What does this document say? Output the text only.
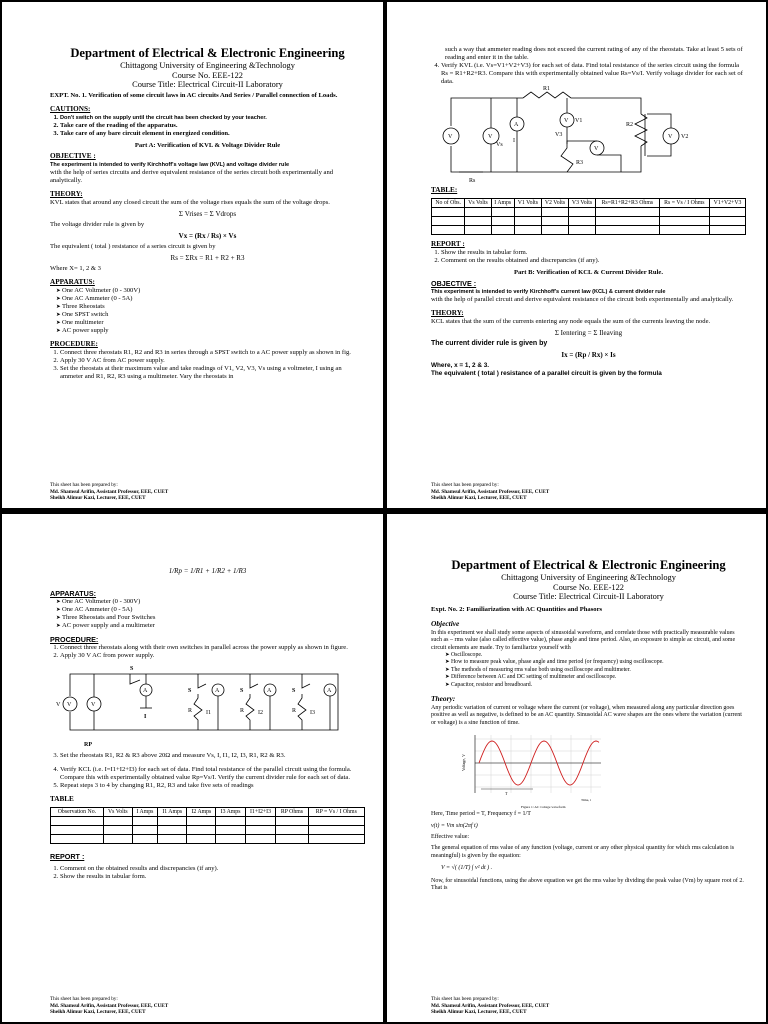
Department of Electrical & Electronic Engineering
Chittagong University of Engineering &Technology
Course No. EEE-122
Course Title: Electrical Circuit-II Laboratory
EXPT. No. 1. Verification of some circuit laws in AC circuits And Series / Parallel connection of Loads.
CAUTIONS:
1. Don't switch on the supply until the circuit has been checked by your teacher.
2. Take care of the reading of the apparatus.
3. Take care of any bare circuit element in energized condition.
Part A: Verification of KVL & Voltage Divider Rule
OBJECTIVE :
The experiment is intended to verify Kirchhoff's voltage law (KVL) and voltage divider rule
with the help of series circuits and derive equivalent resistance of the series circuit both experimentally and analytically.
THEORY:
KVL states that around any closed circuit the sum of the voltage rises equals the sum of the voltage drops.
Σ Vrises = Σ Vdrops
The voltage divider rule is given by
Vx = (Rx / Rs) × Vs
The equivalent ( total ) resistance of a series circuit is given by
Rs = ΣRx = R1 + R2 + R3
Where X= 1, 2 & 3
APPARATUS:
➤ One AC Voltmeter (0 - 300V)
➤ One AC Ammeter (0 - 5A)
➤ Three Rheostats
➤ One SPST switch
➤ One multimeter
➤ AC power supply
PROCEDURE:
1. Connect three rheostats R1, R2 and R3 in series through a SPST switch to a AC power supply as shown in fig.
2. Apply 30 V AC from AC power supply.
3. Set the rheostats at their maximum value and take readings of V1, V2, V3, Vs using a voltmeter, I using an ammeter and R1, R2, R3 using a multimeter. Vary the rheostats in
This sheet has been prepared by:
Md. Shamsul Arifin, Assistant Professor, EEE, CUET
Sheikh Alimur Kazi, Lecturer, EEE, CUET
such a way that ammeter reading does not exceed the current rating of any of the rheostats. Take at least 5 sets of reading and enter it in the table.
4. Verify KVL (i.e. Vs=V1+V2+V3) for each set of data. Find total resistance of the series circuit using the formula Rs = R1+R2+R3. Compare this with experimentally obtained value Rs=Vs/I. Verify voltage divider for each set of data.
V	V
A
V
V
V
R1
R2
R3
V1
V2
V3
Vs
I
Rs
TABLE:
No of Obs.	Vs Volts	I Amps	V1 Volts	V2 Volts	V3 Volts	Rs=R1+R2+R3 Ohms	Rs = Vs / I Ohms	V1+V2+V3

REPORT :
1. Show the results in tabular form.
2. Comment on the results obtained and discrepancies (if any).
Part B: Verification of KCL & Current Divider Rule.
OBJECTIVE :
This experiment is intended to verify Kirchhoff's current law (KCL) & current divider rule
with the help of parallel circuit and derive equivalent resistance of the circuit both experimentally and analytically.
THEORY:
KCL states that the sum of the currents entering any node equals the sum of the currents leaving the node.
Σ Ientering = Σ Ileaving
The current divider rule is given by
Ix = (Rp / Rx) × Is
Where, x = 1, 2 & 3.
The equivalent ( total ) resistance of a parallel circuit is given by the formula
This sheet has been prepared by:
Md. Shamsul Arifin, Assistant Professor, EEE, CUET
Sheikh Alimur Kazi, Lecturer, EEE, CUET
1/Rp = 1/R1 + 1/R2 + 1/R3
APPARATUS:
➤ One AC Voltmeter (0 - 300V)
➤ One AC Ammeter (0 - 5A)
➤ Three Rheostats and Four Switches
➤ AC power supply and a multimeter
PROCEDURE:
1. Connect three rheostats along with their own switches in parallel across the power supply as shown in figure.
2. Apply 30 V AC from power supply.
V	V
V
A
S
I
S	A
R I1
S	A
R I2
S	A
R I3
RP
3. Set the rheostats R1, R2 & R3 above 20Ω and measure Vs, I, I1, I2, I3, R1, R2 & R3.
4. Verify KCL (i.e. I=I1+I2+I3) for each set of data. Find total resistance of the parallel circuit using the formula. Compare this with experimentally obtained value Rp=Vs/I. Verify the current divider rule for each set of data.
5. Repeat steps 3 to 4 by changing R1, R2, R3 and take five sets of readings
TABLE
Observation No.	Vs Volts	I Amps	I1 Amps	I2 Amps	I3 Amps	I1+I2+I3	RP Ohms	RP = Vs / I Ohms

REPORT :
1. Comment on the obtained results and discrepancies (if any).
2. Show the results in tabular form.
This sheet has been prepared by:
Md. Shamsul Arifin, Assistant Professor, EEE, CUET
Sheikh Alimur Kazi, Lecturer, EEE, CUET
Department of Electrical & Electronic Engineering
Chittagong University of Engineering &Technology
Course No. EEE-122
Course Title: Electrical Circuit-II Laboratory
Expt. No. 2: Familiarization with AC Quantities and Phasors
Objective
In this experiment we shall study some aspects of sinusoidal waveform, and correlate those with practically measurable values such as – rms value (also called effective value), phase angle and time period. Also, an exposure to simple ac circuit, and some circuit elements are made. Try to familiarize yourself with
➤ Oscilloscope.
➤ How to measure peak value, phase angle and time period (or frequency) using oscilloscope.
➤ The methods of measuring rms value both using oscilloscope and multimeter.
➤ Difference between AC and DC setting of multimeter and oscilloscope.
➤ Capacitor, resistor and breadboard.
Theory:
Any periodic variation of current or voltage where the current (or voltage), when measured along any particular direction goes positive as well as negative, is defined to be an AC quantity. Sinusoidal AC wave shapes are the ones where the variation (current or voltage) is a sine function of time.
T
Voltage, V
Time, t
Figure 1: AC voltage waveform
Here, Time period = T, Frequency f = 1/T
v(t) = Vm sin(2πf t)
Effective value:
The general equation of rms value of any function (voltage, current or any other physical quantity for which rms calculation is meaningful) is given by the equation:
V = √( (1/T) ∫ v² dt ) .
Now, for sinusoidal functions, using the above equation we get the rms value by dividing the peak value (Vm) by square root of 2. That is
This sheet has been prepared by:
Md. Shamsul Arifin, Assistant Professor, EEE, CUET
Sheikh Alimur Kazi, Lecturer, EEE, CUET
